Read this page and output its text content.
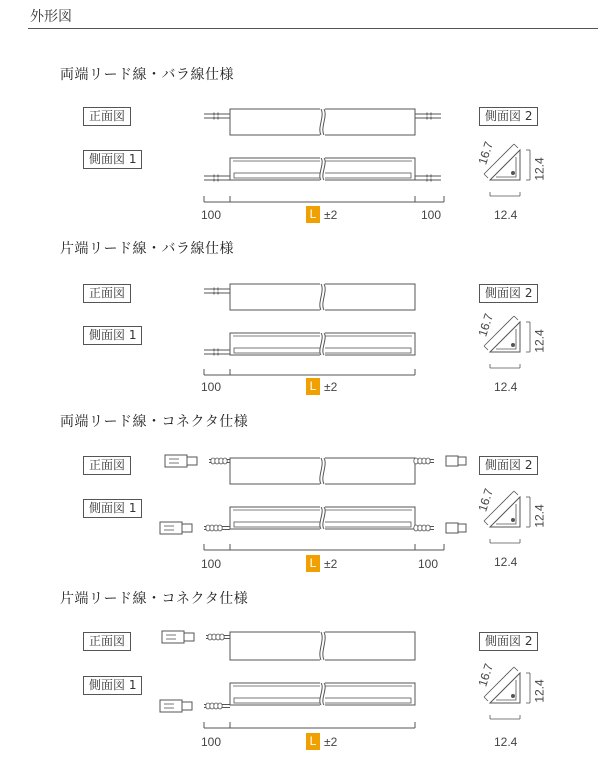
外形図
両端リード線・バラ線仕様
正面図
側面図 1
側面図 2
100	L ±2	100
16.7
12.4
12.4
片端リード線・バラ線仕様
正面図
側面図 1
側面図 2
100	L ±2
16.7
12.4
12.4
両端リード線・コネクタ仕様
正面図
側面図 1
側面図 2
100	L ±2	100
16.7
12.4
12.4
片端リード線・コネクタ仕様
正面図
側面図 1
側面図 2
100	L ±2
16.7
12.4
12.4
